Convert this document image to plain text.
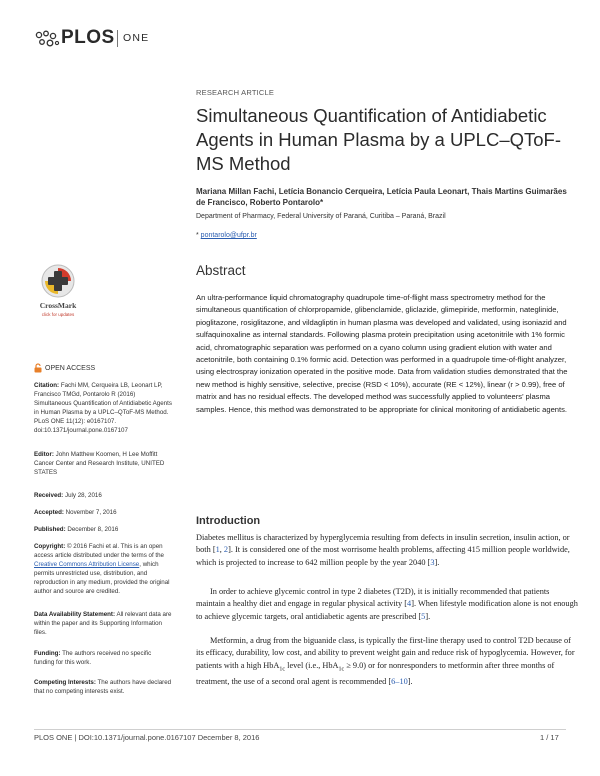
PLOS ONE
RESEARCH ARTICLE
Simultaneous Quantification of Antidiabetic Agents in Human Plasma by a UPLC–QToF-MS Method
Mariana Millan Fachi, Letícia Bonancio Cerqueira, Letícia Paula Leonart, Thais Martins Guimarães de Francisco, Roberto Pontarolo*
Department of Pharmacy, Federal University of Paraná, Curitiba – Paraná, Brazil
* pontarolo@ufpr.br
CrossMark
click for updates
OPEN ACCESS
Citation: Fachi MM, Cerqueira LB, Leonart LP, Francisco TMGd, Pontarolo R (2016) Simultaneous Quantification of Antidiabetic Agents in Human Plasma by a UPLC–QToF-MS Method. PLoS ONE 11(12): e0167107. doi:10.1371/journal.pone.0167107
Editor: John Matthew Koomen, H Lee Moffitt Cancer Center and Research Institute, UNITED STATES
Received: July 28, 2016
Accepted: November 7, 2016
Published: December 8, 2016
Copyright: © 2016 Fachi et al. This is an open access article distributed under the terms of the Creative Commons Attribution License, which permits unrestricted use, distribution, and reproduction in any medium, provided the original author and source are credited.
Data Availability Statement: All relevant data are within the paper and its Supporting Information files.
Funding: The authors received no specific funding for this work.
Competing Interests: The authors have declared that no competing interests exist.
Abstract

An ultra-performance liquid chromatography quadrupole time-of-flight mass spectrometry method for the simultaneous quantification of chlorpropamide, glibenclamide, gliclazide, glimepiride, metformin, nateglinide, pioglitazone, rosiglitazone, and vildagliptin in human plasma was developed and validated, using isoniazid and sulfaquinoxaline as internal standards. Following plasma protein precipitation using acetonitrile with 1% formic acid, chromatographic separation was performed on a cyano column using gradient elution with water and acetonitrile, both containing 0.1% formic acid. Detection was performed in a quadrupole time-of-flight analyzer, using electrospray ionization operated in the positive mode. Data from validation studies demonstrated that the new method is highly sensitive, selective, precise (RSD < 10%), accurate (RE < 12%), linear (r > 0.99), free of matrix and has no residual effects. The developed method was successfully applied to volunteers’ plasma samples. Hence, this method was demonstrated to be appropriate for clinical monitoring of antidiabetic agents.

Introduction

Diabetes mellitus is characterized by hyperglycemia resulting from defects in insulin secretion, insulin action, or both [1, 2]. It is considered one of the most worrisome health problems, affecting 415 million people worldwide, which is projected to increase to 642 million people by the year 2040 [3].

In order to achieve glycemic control in type 2 diabetes (T2D), it is initially recommended that patients maintain a healthy diet and engage in regular physical activity [4]. When lifestyle modification alone is not enough to achieve glycemic targets, oral antidiabetic agents are prescribed [5].

Metformin, a drug from the biguanide class, is typically the first-line therapy used to control T2D because of its efficacy, durability, low cost, and ability to prevent weight gain and reduce risk of hypoglycemia. However, for patients with a high HbA$_{1c}$ level (i.e., HbA$_{1c}$ ≥ 9.0) or for nonresponders to metformin after three months of treatment, the use of a second oral agent is recommended [6–10].

PLOS ONE | DOI:10.1371/journal.pone.0167107 December 8, 2016	1 / 17
